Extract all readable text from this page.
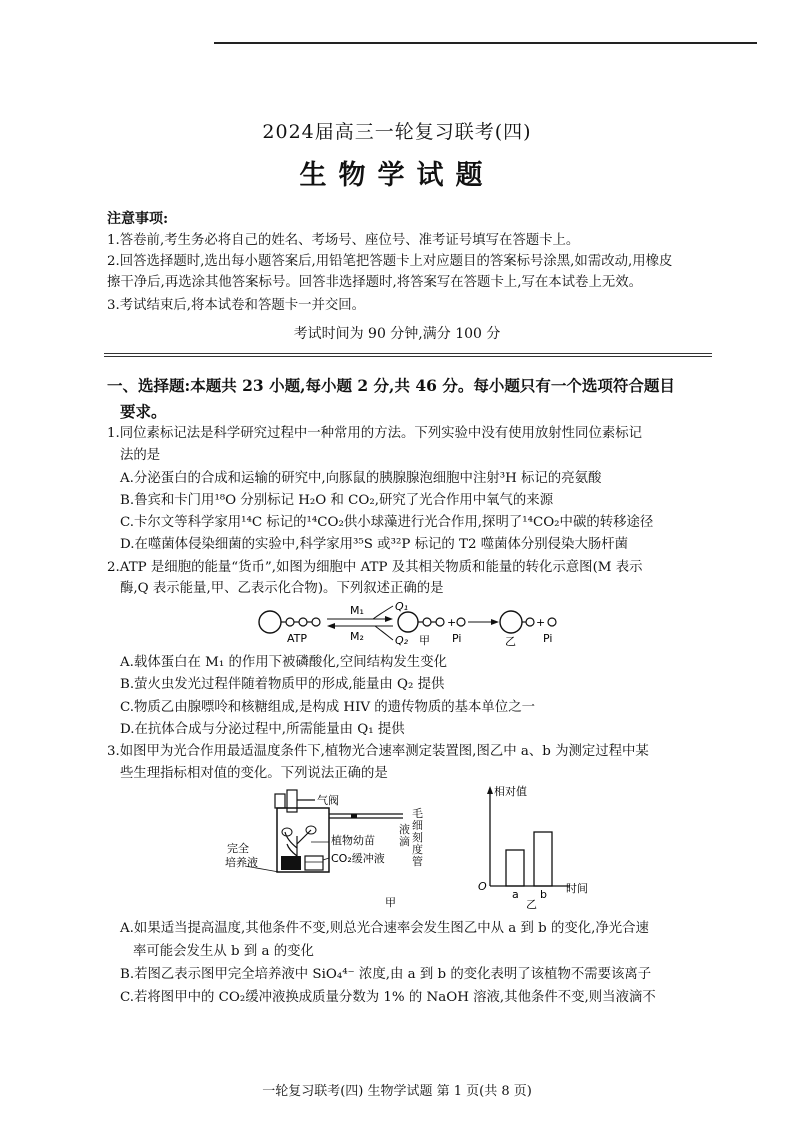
2024届高三一轮复习联考(四)
生物学试题
注意事项:
1.答卷前,考生务必将自己的姓名、考场号、座位号、准考证号填写在答题卡上。
2.回答选择题时,选出每小题答案后,用铅笔把答题卡上对应题目的答案标号涂黑,如需改动,用橡皮
擦干净后,再选涂其他答案标号。回答非选择题时,将答案写在答题卡上,写在本试卷上无效。
3.考试结束后,将本试卷和答题卡一并交回。
考试时间为 90 分钟,满分 100 分
一、选择题:本题共 23 小题,每小题 2 分,共 46 分。每小题只有一个选项符合题目
要求。
1.同位素标记法是科学研究过程中一种常用的方法。下列实验中没有使用放射性同位素标记
法的是
A.分泌蛋白的合成和运输的研究中,向豚鼠的胰腺腺泡细胞中注射³H 标记的亮氨酸
B.鲁宾和卡门用¹⁸O 分别标记 H₂O 和 CO₂,研究了光合作用中氧气的来源
C.卡尔文等科学家用¹⁴C 标记的¹⁴CO₂供小球藻进行光合作用,探明了¹⁴CO₂中碳的转移途径
D.在噬菌体侵染细菌的实验中,科学家用³⁵S 或³²P 标记的 T2 噬菌体分别侵染大肠杆菌
2.ATP 是细胞的能量“货币”,如图为细胞中 ATP 及其相关物质和能量的转化示意图(M 表示
酶,Q 表示能量,甲、乙表示化合物)。下列叙述正确的是
ATP
M₁
M₂
Q₁
Q₂ 甲
+
Pi	乙
+
Pi
A.载体蛋白在 M₁ 的作用下被磷酸化,空间结构发生变化
B.萤火虫发光过程伴随着物质甲的形成,能量由 Q₂ 提供
C.物质乙由腺嘌呤和核糖组成,是构成 HIV 的遗传物质的基本单位之一
D.在抗体合成与分泌过程中,所需能量由 Q₁ 提供
3.如图甲为光合作用最适温度条件下,植物光合速率测定装置图,图乙中 a、b 为测定过程中某
些生理指标相对值的变化。下列说法正确的是
气阀
完全
培养液
植物幼苗
CO₂缓冲液
甲
液滴
毛细刻度管
相对值
O	时间
a b
乙
A.如果适当提高温度,其他条件不变,则总光合速率会发生图乙中从 a 到 b 的变化,净光合速
率可能会发生从 b 到 a 的变化
B.若图乙表示图甲完全培养液中 SiO₄⁴⁻ 浓度,由 a 到 b 的变化表明了该植物不需要该离子
C.若将图甲中的 CO₂缓冲液换成质量分数为 1% 的 NaOH 溶液,其他条件不变,则当液滴不
一轮复习联考(四) 生物学试题 第 1 页(共 8 页)
